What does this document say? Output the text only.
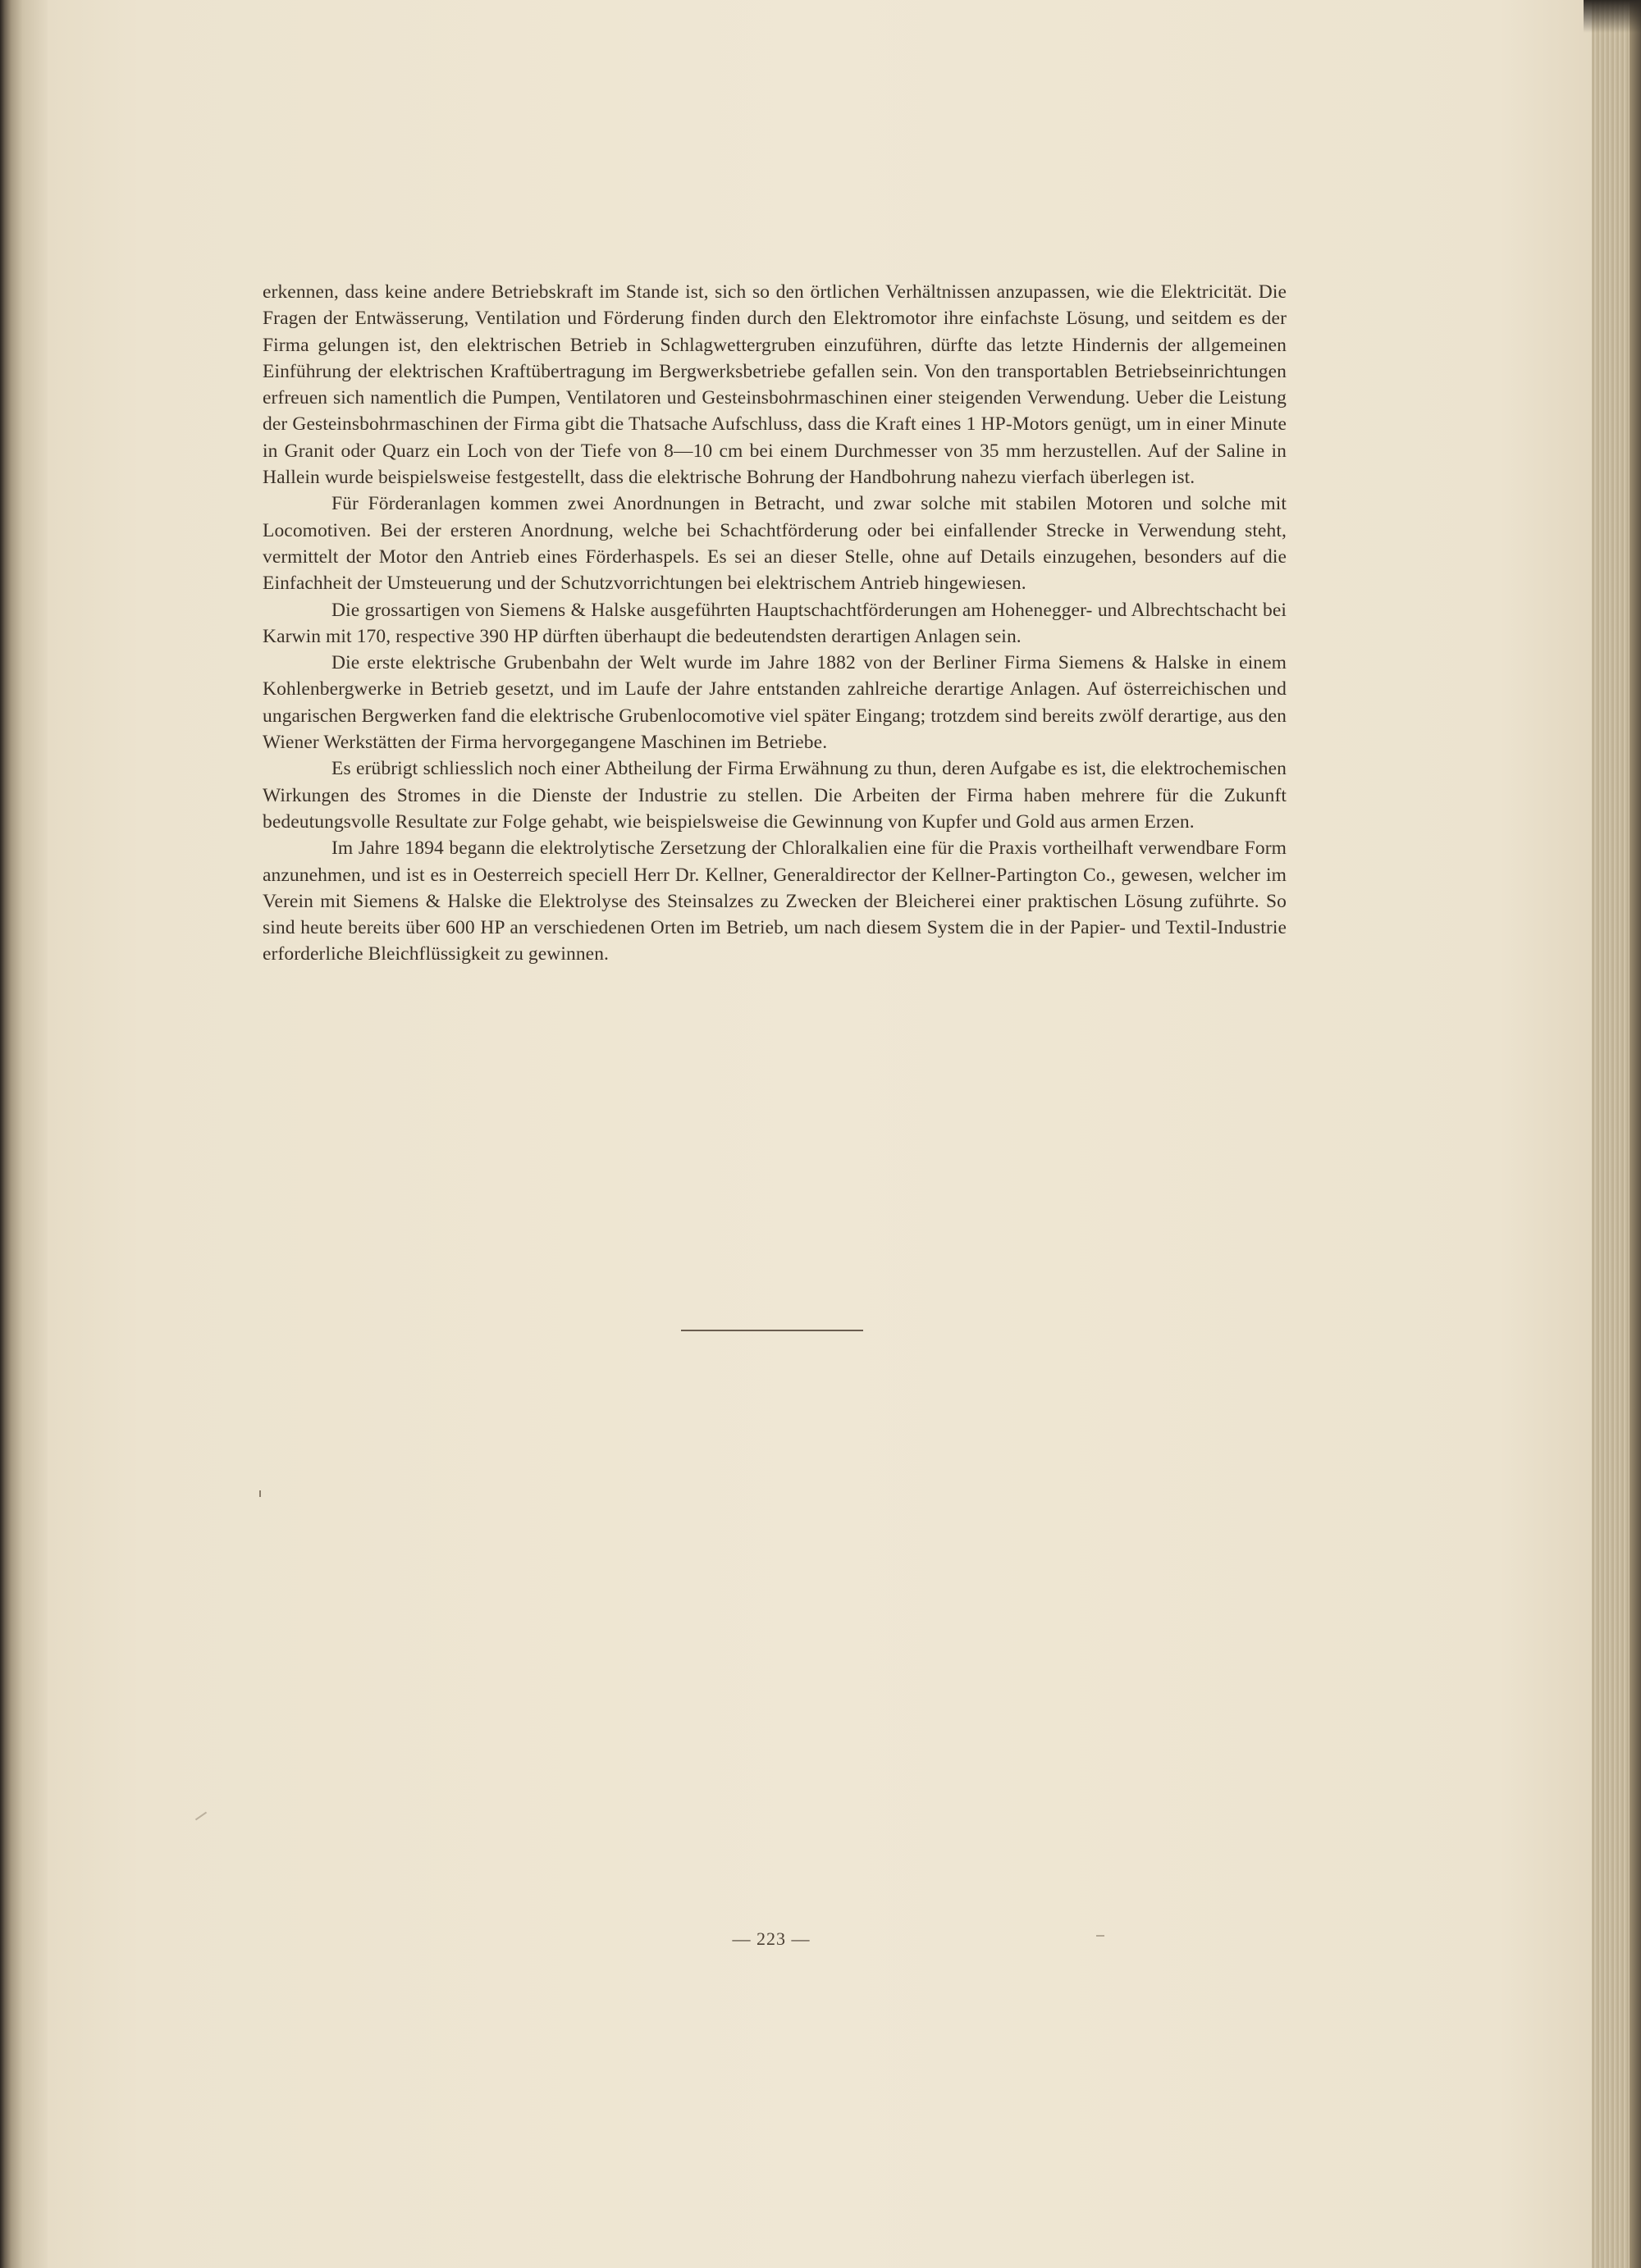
erkennen, dass keine andere Betriebskraft im Stande ist, sich so den örtlichen Verhältnissen anzupassen, wie die Elektricität. Die Fragen der Entwässerung, Ventilation und Förderung finden durch den Elektromotor ihre einfachste Lösung, und seitdem es der Firma gelungen ist, den elektrischen Betrieb in Schlagwettergruben einzuführen, dürfte das letzte Hindernis der allgemeinen Einführung der elektrischen Kraftübertragung im Bergwerksbetriebe gefallen sein. Von den transportablen Betriebseinrichtungen erfreuen sich namentlich die Pumpen, Ventilatoren und Gesteinsbohrmaschinen einer steigenden Verwendung. Ueber die Leistung der Gesteinsbohrmaschinen der Firma gibt die Thatsache Aufschluss, dass die Kraft eines 1 HP-Motors genügt, um in einer Minute in Granit oder Quarz ein Loch von der Tiefe von 8—10 cm bei einem Durchmesser von 35 mm herzustellen. Auf der Saline in Hallein wurde beispielsweise festgestellt, dass die elektrische Bohrung der Handbohrung nahezu vierfach überlegen ist.

Für Förderanlagen kommen zwei Anordnungen in Betracht, und zwar solche mit stabilen Motoren und solche mit Locomotiven. Bei der ersteren Anordnung, welche bei Schachtförderung oder bei einfallender Strecke in Verwendung steht, vermittelt der Motor den Antrieb eines Förderhaspels. Es sei an dieser Stelle, ohne auf Details einzugehen, besonders auf die Einfachheit der Umsteuerung und der Schutzvorrichtungen bei elektrischem Antrieb hingewiesen.

Die grossartigen von Siemens & Halske ausgeführten Hauptschachtförderungen am Hohenegger- und Albrechtschacht bei Karwin mit 170, respective 390 HP dürften überhaupt die bedeutendsten derartigen Anlagen sein.

Die erste elektrische Grubenbahn der Welt wurde im Jahre 1882 von der Berliner Firma Siemens & Halske in einem Kohlenbergwerke in Betrieb gesetzt, und im Laufe der Jahre entstanden zahlreiche derartige Anlagen. Auf österreichischen und ungarischen Bergwerken fand die elektrische Grubenlocomotive viel später Eingang; trotzdem sind bereits zwölf derartige, aus den Wiener Werkstätten der Firma hervorgegangene Maschinen im Betriebe.

Es erübrigt schliesslich noch einer Abtheilung der Firma Erwähnung zu thun, deren Aufgabe es ist, die elektrochemischen Wirkungen des Stromes in die Dienste der Industrie zu stellen. Die Arbeiten der Firma haben mehrere für die Zukunft bedeutungsvolle Resultate zur Folge gehabt, wie beispielsweise die Gewinnung von Kupfer und Gold aus armen Erzen.

Im Jahre 1894 begann die elektrolytische Zersetzung der Chloralkalien eine für die Praxis vortheilhaft verwendbare Form anzunehmen, und ist es in Oesterreich speciell Herr Dr. Kellner, Generaldirector der Kellner-Partington Co., gewesen, welcher im Verein mit Siemens & Halske die Elektrolyse des Steinsalzes zu Zwecken der Bleicherei einer praktischen Lösung zuführte. So sind heute bereits über 600 HP an verschiedenen Orten im Betrieb, um nach diesem System die in der Papier- und Textil-Industrie erforderliche Bleichflüssigkeit zu gewinnen.

— 223 —
